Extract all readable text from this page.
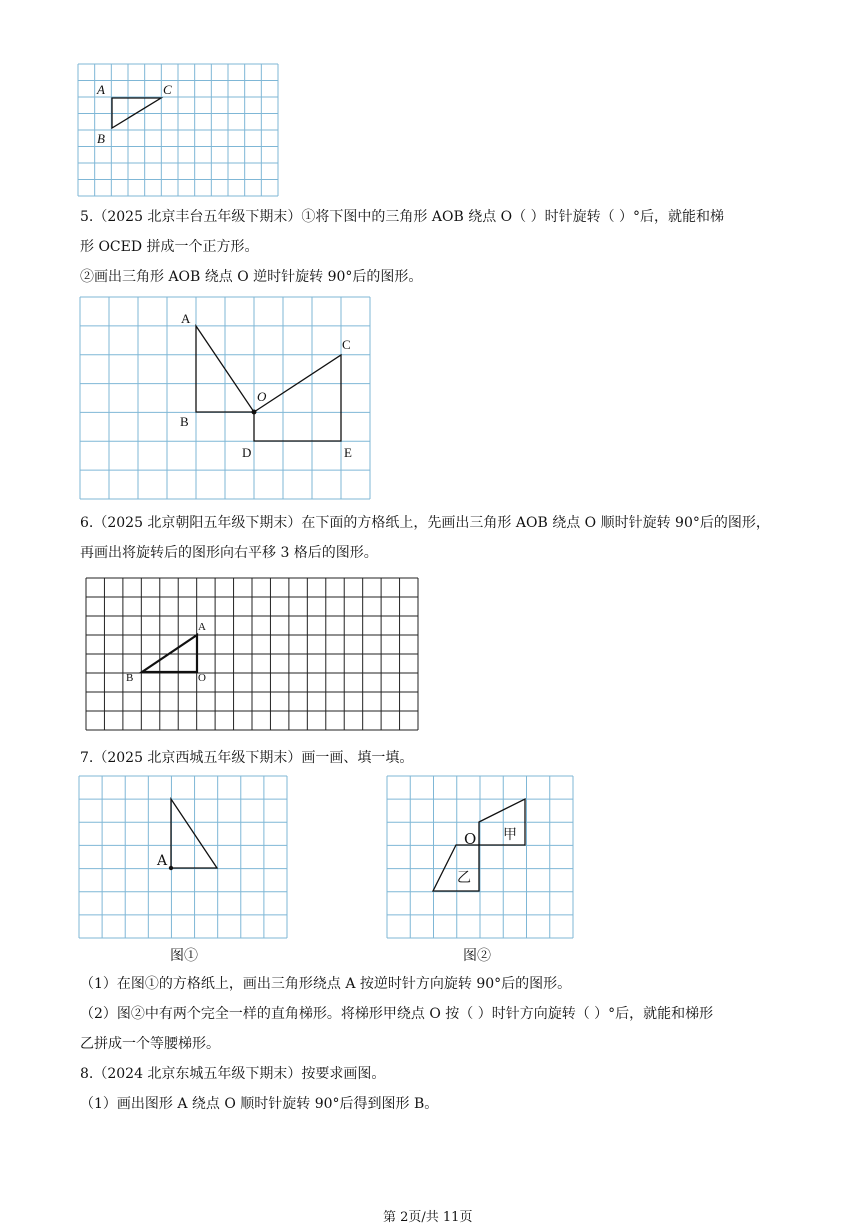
A	C
B
5.（2025 北京丰台五年级下期末）①将下图中的三角形 AOB 绕点 O（ ）时针旋转（ ）°后，就能和梯
形 OCED 拼成一个正方形。
②画出三角形 AOB 绕点 O 逆时针旋转 90°后的图形。
A
C
O
B
D	E
6.（2025 北京朝阳五年级下期末）在下面的方格纸上，先画出三角形 AOB 绕点 O 顺时针旋转 90°后的图形，
再画出将旋转后的图形向右平移 3 格后的图形。
A
B	O
7.（2025 北京西城五年级下期末）画一画、填一填。
A
图①
O 甲
乙
图②
（1）在图①的方格纸上，画出三角形绕点 A 按逆时针方向旋转 90°后的图形。
（2）图②中有两个完全一样的直角梯形。将梯形甲绕点 O 按（ ）时针方向旋转（ ）°后，就能和梯形
乙拼成一个等腰梯形。
8.（2024 北京东城五年级下期末）按要求画图。
（1）画出图形 A 绕点 O 顺时针旋转 90°后得到图形 B。
第 2页/共 11页
